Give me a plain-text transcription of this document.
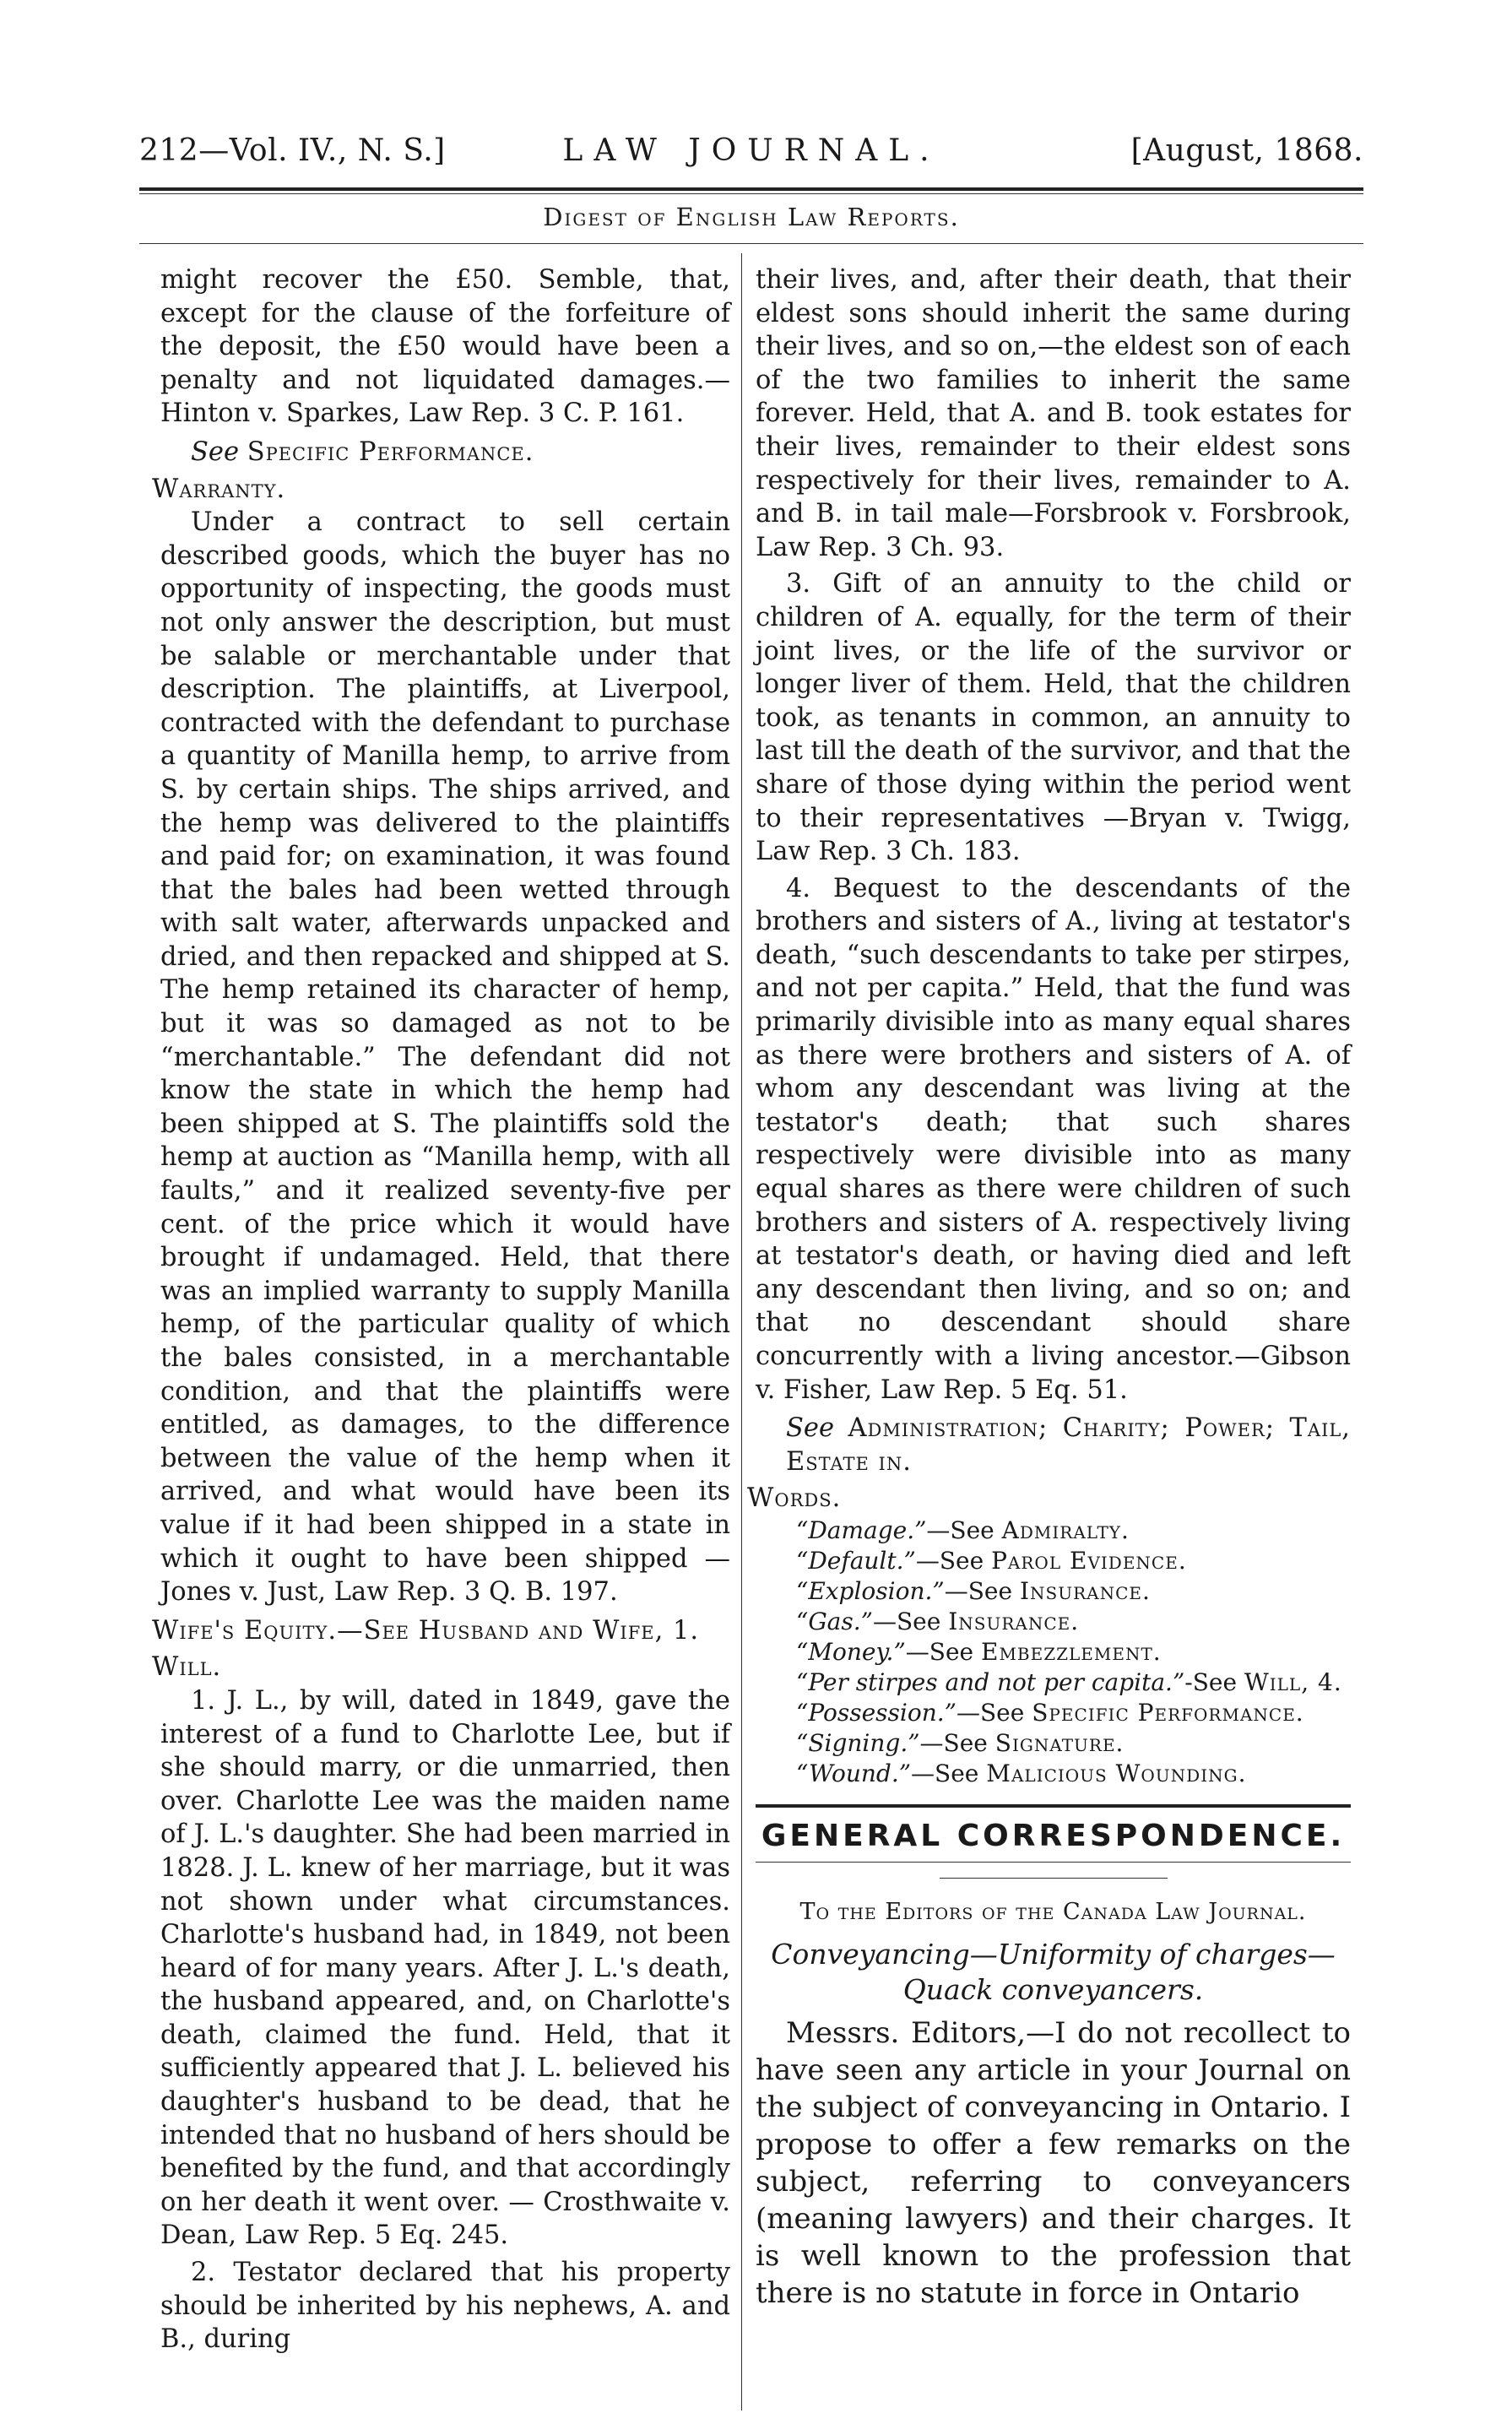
212—Vol. IV., N. S.]	LAW JOURNAL.	[August, 1868.
Digest of English Law Reports.

might recover the £50. Semble, that, except for the clause of the forfeiture of the deposit, the £50 would have been a penalty and not liquidated damages.—Hinton v. Sparkes, Law Rep. 3 C. P. 161.

See Specific Performance.

Warranty.

Under a contract to sell certain described goods, which the buyer has no opportunity of inspecting, the goods must not only answer the description, but must be salable or merchantable under that description. The plaintiffs, at Liverpool, contracted with the defendant to purchase a quantity of Manilla hemp, to arrive from S. by certain ships. The ships arrived, and the hemp was delivered to the plaintiffs and paid for; on examination, it was found that the bales had been wetted through with salt water, afterwards unpacked and dried, and then repacked and shipped at S. The hemp retained its character of hemp, but it was so damaged as not to be “merchantable.” The defendant did not know the state in which the hemp had been shipped at S. The plaintiffs sold the hemp at auction as “Manilla hemp, with all faults,” and it realized seventy-five per cent. of the price which it would have brought if undamaged. Held, that there was an implied warranty to supply Manilla hemp, of the particular quality of which the bales consisted, in a merchantable condition, and that the plaintiffs were entitled, as damages, to the difference between the value of the hemp when it arrived, and what would have been its value if it had been shipped in a state in which it ought to have been shipped —Jones v. Just, Law Rep. 3 Q. B. 197.

Wife's Equity.—See Husband and Wife, 1.

Will.

1. J. L., by will, dated in 1849, gave the interest of a fund to Charlotte Lee, but if she should marry, or die unmarried, then over. Charlotte Lee was the maiden name of J. L.'s daughter. She had been married in 1828. J. L. knew of her marriage, but it was not shown under what circumstances. Charlotte's husband had, in 1849, not been heard of for many years. After J. L.'s death, the husband appeared, and, on Charlotte's death, claimed the fund. Held, that it sufficiently appeared that J. L. believed his daughter's husband to be dead, that he intended that no husband of hers should be benefited by the fund, and that accordingly on her death it went over. — Crosthwaite v. Dean, Law Rep. 5 Eq. 245.

2. Testator declared that his property should be inherited by his nephews, A. and B., during

their lives, and, after their death, that their eldest sons should inherit the same during their lives, and so on,—the eldest son of each of the two families to inherit the same forever. Held, that A. and B. took estates for their lives, remainder to their eldest sons respectively for their lives, remainder to A. and B. in tail male—Forsbrook v. Forsbrook, Law Rep. 3 Ch. 93.

3. Gift of an annuity to the child or children of A. equally, for the term of their joint lives, or the life of the survivor or longer liver of them. Held, that the children took, as tenants in common, an annuity to last till the death of the survivor, and that the share of those dying within the period went to their representatives —Bryan v. Twigg, Law Rep. 3 Ch. 183.

4. Bequest to the descendants of the brothers and sisters of A., living at testator's death, “such descendants to take per stirpes, and not per capita.” Held, that the fund was primarily divisible into as many equal shares as there were brothers and sisters of A. of whom any descendant was living at the testator's death; that such shares respectively were divisible into as many equal shares as there were children of such brothers and sisters of A. respectively living at testator's death, or having died and left any descendant then living, and so on; and that no descendant should share concurrently with a living ancestor.—Gibson v. Fisher, Law Rep. 5 Eq. 51.

See Administration; Charity; Power; Tail, Estate in.

Words.

“Damage.”—See Admiralty.

“Default.”—See Parol Evidence.

“Explosion.”—See Insurance.

“Gas.”—See Insurance.

“Money.”—See Embezzlement.

“Per stirpes and not per capita.”-See Will, 4.

“Possession.”—See Specific Performance.

“Signing.”—See Signature.

“Wound.”—See Malicious Wounding.

GENERAL CORRESPONDENCE.

To the Editors of the Canada Law Journal.

Conveyancing—Uniformity of charges—

Quack conveyancers.

Messrs. Editors,—I do not recollect to have seen any article in your Journal on the subject of conveyancing in Ontario. I propose to offer a few remarks on the subject, referring to conveyancers (meaning lawyers) and their charges. It is well known to the profession that there is no statute in force in Ontario
